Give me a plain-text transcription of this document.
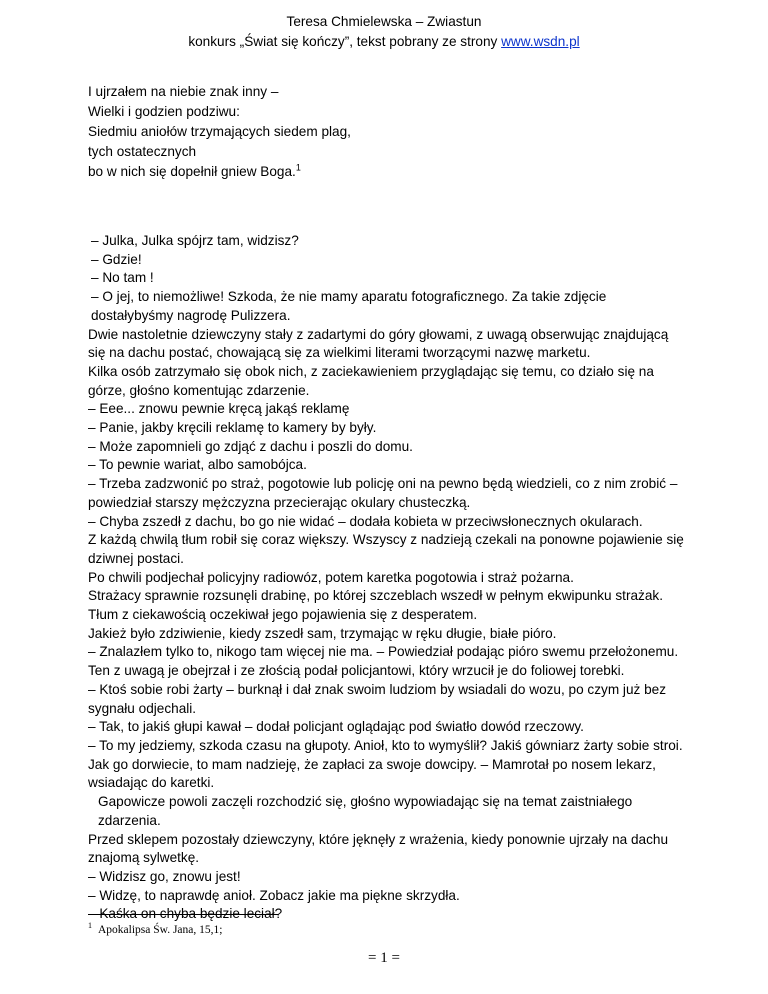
Teresa Chmielewska – Zwiastun
konkurs „Świat się kończy”, tekst pobrany ze strony www.wsdn.pl
I ujrzałem na niebie znak inny –
Wielki i godzien podziwu:
Siedmiu aniołów trzymających siedem plag,
tych ostatecznych
bo w nich się dopełnił gniew Boga.$^1$

– Julka, Julka spójrz tam, widzisz?

– Gdzie!

– No tam !

– O jej, to niemożliwe! Szkoda, że nie mamy aparatu fotograficznego. Za takie zdjęcie dostałybyśmy nagrodę Pulizzera.

Dwie nastoletnie dziewczyny stały z zadartymi do góry głowami, z uwagą obserwując znajdującą się na dachu postać, chowającą się za wielkimi literami tworzącymi nazwę marketu.

Kilka osób zatrzymało się obok nich, z zaciekawieniem przyglądając się temu, co działo się na górze, głośno komentując zdarzenie.

– Eee... znowu pewnie kręcą jakąś reklamę

– Panie, jakby kręcili reklamę to kamery by były.

– Może zapomnieli go zdjąć z dachu i poszli do domu.

– To pewnie wariat, albo samobójca.

– Trzeba zadzwonić po straż, pogotowie lub policję oni na pewno będą wiedzieli, co z nim zrobić – powiedział starszy mężczyzna przecierając okulary chusteczką.

– Chyba zszedł z dachu, bo go nie widać – dodała kobieta w przeciwsłonecznych okularach.

Z każdą chwilą tłum robił się coraz większy. Wszyscy z nadzieją czekali na ponowne pojawienie się dziwnej postaci.

Po chwili podjechał policyjny radiowóz, potem karetka pogotowia i straż pożarna.

Strażacy sprawnie rozsunęli drabinę, po której szczeblach wszedł w pełnym ekwipunku strażak. Tłum z ciekawością oczekiwał jego pojawienia się z desperatem.

Jakież było zdziwienie, kiedy zszedł sam, trzymając w ręku długie, białe pióro.

– Znalazłem tylko to, nikogo tam więcej nie ma. – Powiedział podając pióro swemu przełożonemu.

Ten z uwagą je obejrzał i ze złością podał policjantowi, który wrzucił je do foliowej torebki.

– Ktoś sobie robi żarty – burknął i dał znak swoim ludziom by wsiadali do wozu, po czym już bez sygnału odjechali.

– Tak, to jakiś głupi kawał – dodał policjant oglądając pod światło dowód rzeczowy.

– To my jedziemy, szkoda czasu na głupoty. Anioł, kto to wymyślił? Jakiś gówniarz żarty sobie stroi. Jak go dorwiecie, to mam nadzieję, że zapłaci za swoje dowcipy. – Mamrotał po nosem lekarz, wsiadając do karetki.

Gapowicze powoli zaczęli rozchodzić się, głośno wypowiadając się na temat zaistniałego zdarzenia.

Przed sklepem pozostały dziewczyny, które jęknęły z wrażenia, kiedy ponownie ujrzały na dachu znajomą sylwetkę.

– Widzisz go, znowu jest!

– Widzę, to naprawdę anioł. Zobacz jakie ma piękne skrzydła.

– Kaśka on chyba będzie leciał?

$^1$ Apokalipsa Św. Jana, 15,1;
= 1 =
